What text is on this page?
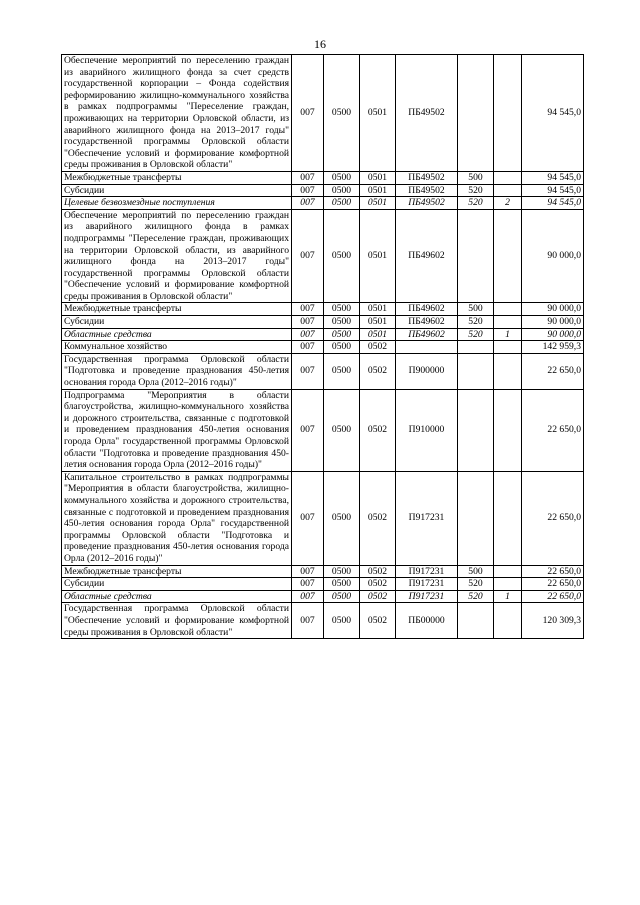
16
Обеспечение мероприятий по переселению граждан из аварийного жилищного фонда за счет средств государственной корпорации – Фонда содействия реформированию жилищно-коммунального хозяйства в рамках подпрограммы "Переселение граждан, проживающих на территории Орловской области, из аварийного жилищного фонда на 2013–2017 годы" государственной программы Орловской области "Обеспечение условий и формирование комфортной среды проживания в Орловской области"	007	0500	0501	ПБ49502			94 545,0
Межбюджетные трансферты	007	0500	0501	ПБ49502	500		94 545,0
Субсидии	007	0500	0501	ПБ49502	520		94 545,0
Целевые безвозмездные поступления	007	0500	0501	ПБ49502	520	2	94 545,0
Обеспечение мероприятий по переселению граждан из аварийного жилищного фонда в рамках подпрограммы "Переселение граждан, проживающих на территории Орловской области, из аварийного жилищного фонда на 2013–2017 годы" государственной программы Орловской области "Обеспечение условий и формирование комфортной среды проживания в Орловской области"	007	0500	0501	ПБ49602			90 000,0
Межбюджетные трансферты	007	0500	0501	ПБ49602	500		90 000,0
Субсидии	007	0500	0501	ПБ49602	520		90 000,0
Областные средства	007	0500	0501	ПБ49602	520	1	90 000,0
Коммунальное хозяйство	007	0500	0502				142 959,3
Государственная программа Орловской области "Подготовка и проведение празднования 450-летия основания города Орла (2012–2016 годы)"	007	0500	0502	П900000			22 650,0
Подпрограмма "Мероприятия в области благоустройства, жилищно-коммунального хозяйства и дорожного строительства, связанные с подготовкой и проведением празднования 450-летия основания города Орла" государственной программы Орловской области "Подготовка и проведение празднования 450-летия основания города Орла (2012–2016 годы)"	007	0500	0502	П910000			22 650,0
Капитальное строительство в рамках подпрограммы "Мероприятия в области благоустройства, жилищно-коммунального хозяйства и дорожного строительства, связанные с подготовкой и проведением празднования 450-летия основания города Орла" государственной программы Орловской области "Подготовка и проведение празднования 450-летия основания города Орла (2012–2016 годы)"	007	0500	0502	П917231			22 650,0
Межбюджетные трансферты	007	0500	0502	П917231	500		22 650,0
Субсидии	007	0500	0502	П917231	520		22 650,0
Областные средства	007	0500	0502	П917231	520	1	22 650,0
Государственная программа Орловской области "Обеспечение условий и формирование комфортной среды проживания в Орловской области"	007	0500	0502	ПБ00000			120 309,3
